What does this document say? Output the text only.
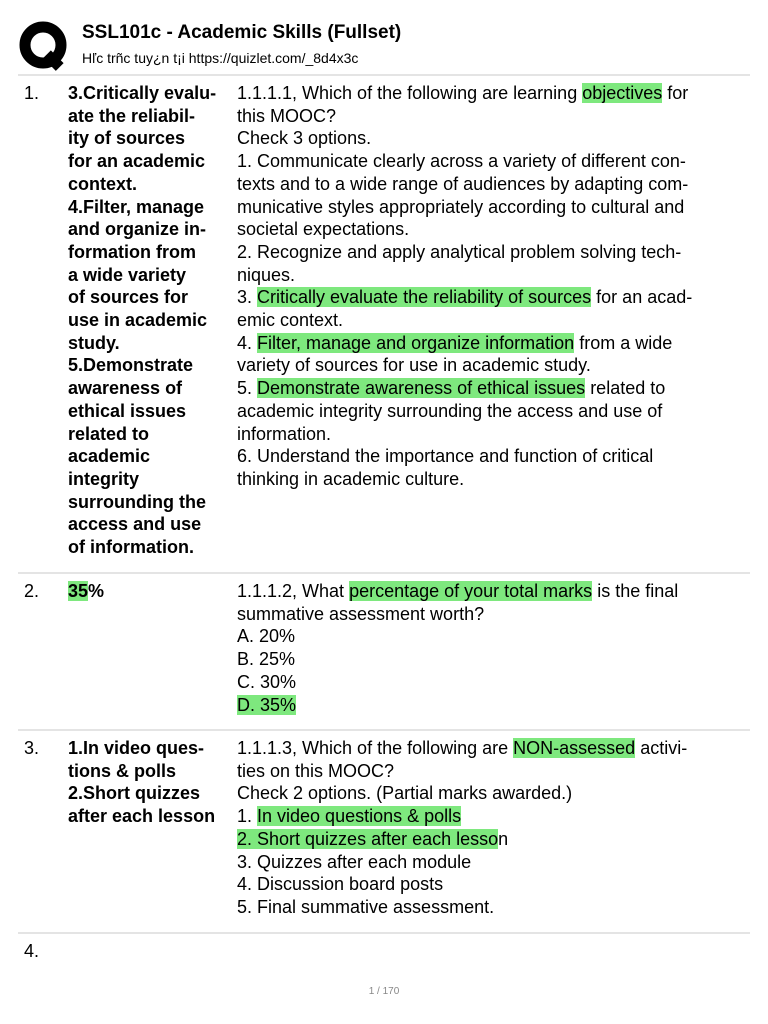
SSL101c - Academic Skills (Fullset)
Hľc trñc tuy¿n t¡i https://quizlet.com/_8d4x3c
1. 3.Critically evalu-
ate the reliabil-
ity of sources
for an academic
context.
4.Filter, manage
and organize in-
formation from
a wide variety
of sources for
use in academic
study.
5.Demonstrate
awareness of
ethical issues
related to
academic
integrity
surrounding the
access and use
of information.
1.1.1.1, Which of the following are learning objectives for
this MOOC?
Check 3 options.
1. Communicate clearly across a variety of different con-
texts and to a wide range of audiences by adapting com-
municative styles appropriately according to cultural and
societal expectations.
2. Recognize and apply analytical problem solving tech-
niques.
3. Critically evaluate the reliability of sources for an acad-
emic context.
4. Filter, manage and organize information from a wide
variety of sources for use in academic study.
5. Demonstrate awareness of ethical issues related to
academic integrity surrounding the access and use of
information.
6. Understand the importance and function of critical
thinking in academic culture.
2. 35%	1.1.1.2, What percentage of your total marks is the final
summative assessment worth?
A. 20%
B. 25%
C. 30%
D. 35%
3. 1.In video ques-
tions & polls
2.Short quizzes
after each lesson
1.1.1.3, Which of the following are NON-assessed activi-
ties on this MOOC?
Check 2 options. (Partial marks awarded.)
1. In video questions & polls
2. Short quizzes after each lesson
3. Quizzes after each module
4. Discussion board posts
5. Final summative assessment.
4.
1 / 170
